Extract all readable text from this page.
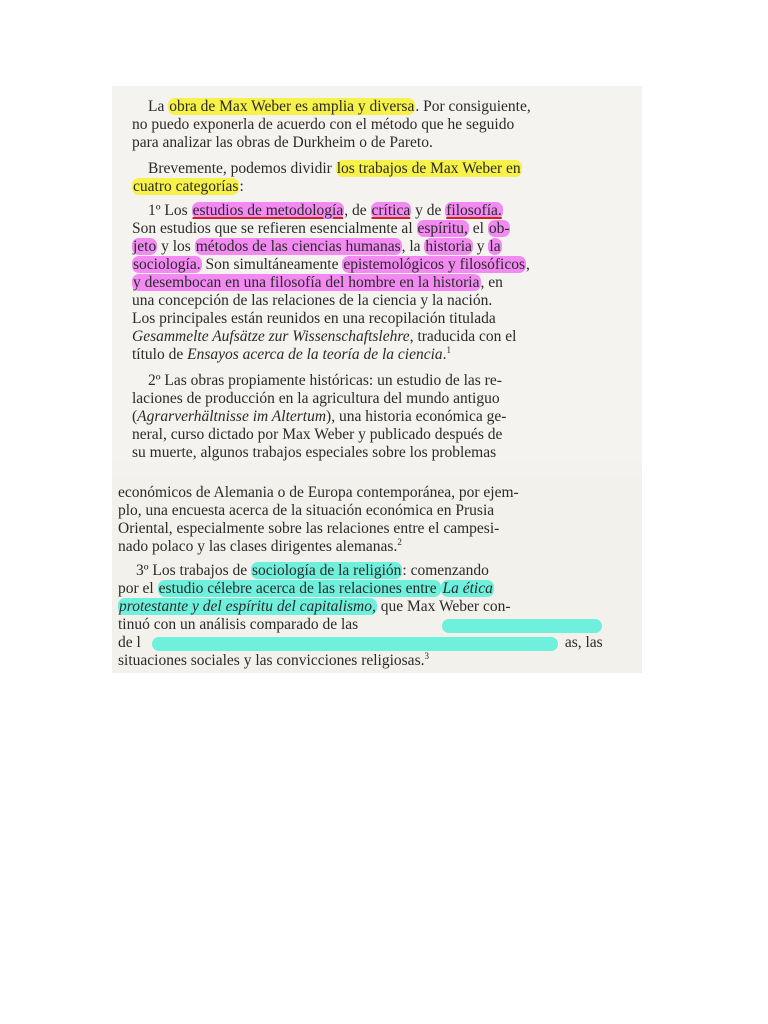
La obra de Max Weber es amplia y diversa. Por consiguiente,
no puedo exponerla de acuerdo con el método que he seguido
para analizar las obras de Durkheim o de Pareto.
Brevemente, podemos dividir los trabajos de Max Weber en
cuatro categorías:
1º Los estudios de metodología, de crítica y de filosofía.
Son estudios que se refieren esencialmente al espíritu, el ob-
jeto y los métodos de las ciencias humanas, la historia y la
sociología. Son simultáneamente epistemológicos y filosóficos,
y desembocan en una filosofía del hombre en la historia, en
una concepción de las relaciones de la ciencia y la nación.
Los principales están reunidos en una recopilación titulada
Gesammelte Aufsätze zur Wissenschaftslehre, traducida con el
título de Ensayos acerca de la teoría de la ciencia.$^1$
2º Las obras propiamente históricas: un estudio de las re-
laciones de producción en la agricultura del mundo antiguo
(Agrarverhältnisse im Altertum), una historia económica ge-
neral, curso dictado por Max Weber y publicado después de
su muerte, algunos trabajos especiales sobre los problemas
económicos de Alemania o de Europa contemporánea, por ejem-
plo, una encuesta acerca de la situación económica en Prusia
Oriental, especialmente sobre las relaciones entre el campesi-
nado polaco y las clases dirigentes alemanas.$^2$
3º Los trabajos de sociología de la religión: comenzando
por el estudio célebre acerca de las relaciones entre La ética
protestante y del espíritu del capitalismo, que Max Weber con-
tinuó con un análisis comparado de las
de l	as, las
situaciones sociales y las convicciones religiosas.$^3$
